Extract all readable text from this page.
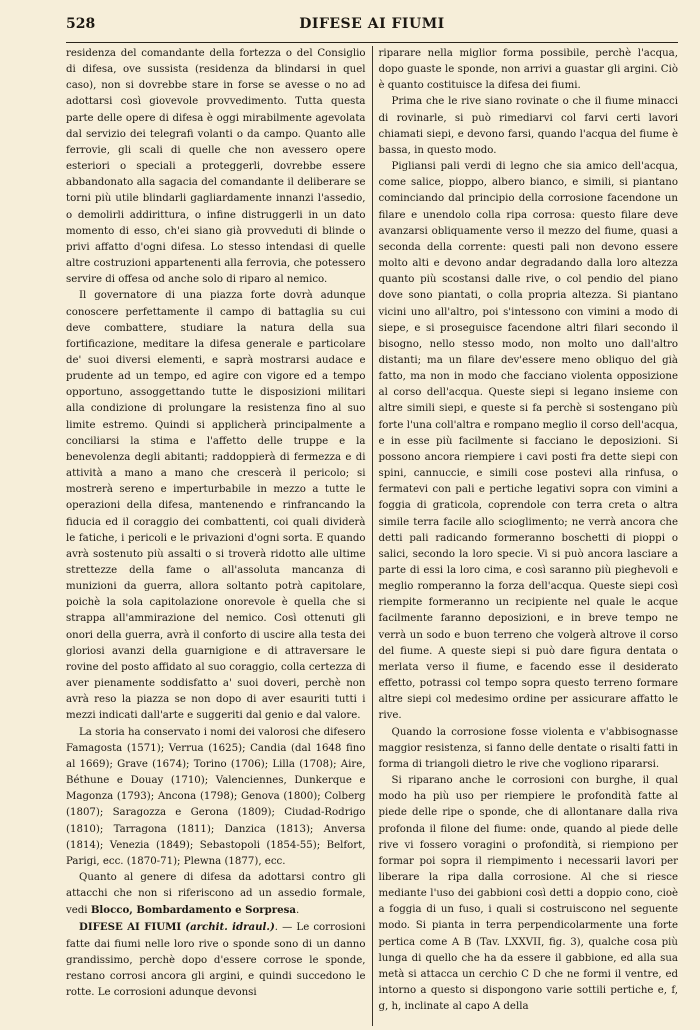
528	DIFESE AI FIUMI

residenza del comandante della fortezza o del Consiglio di difesa, ove sussista (residenza da blindarsi in quel caso), non si dovrebbe stare in forse se avesse o no ad adottarsi così giovevole provvedimento. Tutta questa parte delle opere di difesa è oggi mirabilmente agevolata dal servizio dei telegrafi volanti o da campo. Quanto alle ferrovie, gli scali di quelle che non avessero opere esteriori o speciali a proteggerli, dovrebbe essere abbandonato alla sagacia del comandante il deliberare se torni più utile blindarli gagliardamente innanzi l'assedio, o demolirli addirittura, o infine distruggerli in un dato momento di esso, ch'ei siano già provveduti di blinde o privi affatto d'ogni difesa. Lo stesso intendasi di quelle altre costruzioni appartenenti alla ferrovia, che potessero servire di offesa od anche solo di riparo al nemico.

Il governatore di una piazza forte dovrà adunque conoscere perfettamente il campo di battaglia su cui deve combattere, studiare la natura della sua fortificazione, meditare la difesa generale e particolare de' suoi diversi elementi, e saprà mostrarsi audace e prudente ad un tempo, ed agire con vigore ed a tempo opportuno, assoggettando tutte le disposizioni militari alla condizione di prolungare la resistenza fino al suo limite estremo. Quindi si applicherà principalmente a conciliarsi la stima e l'affetto delle truppe e la benevolenza degli abitanti; raddoppierà di fermezza e di attività a mano a mano che crescerà il pericolo; si mostrerà sereno e imperturbabile in mezzo a tutte le operazioni della difesa, mantenendo e rinfrancando la fiducia ed il coraggio dei combattenti, coi quali dividerà le fatiche, i pericoli e le privazioni d'ogni sorta. E quando avrà sostenuto più assalti o si troverà ridotto alle ultime strettezze della fame o all'assoluta mancanza di munizioni da guerra, allora soltanto potrà capitolare, poichè la sola capitolazione onorevole è quella che si strappa all'ammirazione del nemico. Così ottenuti gli onori della guerra, avrà il conforto di uscire alla testa dei gloriosi avanzi della guarnigione e di attraversare le rovine del posto affidato al suo coraggio, colla certezza di aver pienamente soddisfatto a' suoi doveri, perchè non avrà reso la piazza se non dopo di aver esauriti tutti i mezzi indicati dall'arte e suggeriti dal genio e dal valore.

La storia ha conservato i nomi dei valorosi che difesero Famagosta (1571); Verrua (1625); Candia (dal 1648 fino al 1669); Grave (1674); Torino (1706); Lilla (1708); Aire, Béthune e Douay (1710); Valenciennes, Dunkerque e Magonza (1793); Ancona (1798); Genova (1800); Colberg (1807); Saragozza e Gerona (1809); Ciudad-Rodrigo (1810); Tarragona (1811); Danzica (1813); Anversa (1814); Venezia (1849); Sebastopoli (1854-55); Belfort, Parigi, ecc. (1870-71); Plewna (1877), ecc.

Quanto al genere di difesa da adottarsi contro gli attacchi che non si riferiscono ad un assedio formale, vedi Blocco, Bombardamento e Sorpresa.

DIFESE AI FIUMI (archit. idraul.). — Le corrosioni fatte dai fiumi nelle loro rive o sponde sono di un danno grandissimo, perchè dopo d'essere corrose le sponde, restano corrosi ancora gli argini, e quindi succedono le rotte. Le corrosioni adunque devonsi

riparare nella miglior forma possibile, perchè l'acqua, dopo guaste le sponde, non arrivi a guastar gli argini. Ciò è quanto costituisce la difesa dei fiumi.

Prima che le rive siano rovinate o che il fiume minacci di rovinarle, si può rimediarvi col farvi certi lavori chiamati siepi, e devono farsi, quando l'acqua del fiume è bassa, in questo modo.

Pigliansi pali verdi di legno che sia amico dell'acqua, come salice, pioppo, albero bianco, e simili, si piantano cominciando dal principio della corrosione facendone un filare e unendolo colla ripa corrosa: questo filare deve avanzarsi obliquamente verso il mezzo del fiume, quasi a seconda della corrente: questi pali non devono essere molto alti e devono andar degradando dalla loro altezza quanto più scostansi dalle rive, o col pendio del piano dove sono piantati, o colla propria altezza. Si piantano vicini uno all'altro, poi s'intessono con vimini a modo di siepe, e si proseguisce facendone altri filari secondo il bisogno, nello stesso modo, non molto uno dall'altro distanti; ma un filare dev'essere meno obliquo del già fatto, ma non in modo che facciano violenta opposizione al corso dell'acqua. Queste siepi si legano insieme con altre simili siepi, e queste si fa perchè si sostengano più forte l'una coll'altra e rompano meglio il corso dell'acqua, e in esse più facilmente si facciano le deposizioni. Si possono ancora riempiere i cavi posti fra dette siepi con spini, cannuccie, e simili cose postevi alla rinfusa, o fermatevi con pali e pertiche legativi sopra con vimini a foggia di graticola, coprendole con terra creta o altra simile terra facile allo scioglimento; ne verrà ancora che detti pali radicando formeranno boschetti di pioppi o salici, secondo la loro specie. Vi si può ancora lasciare a parte di essi la loro cima, e così saranno più pieghevoli e meglio romperanno la forza dell'acqua. Queste siepi così riempite formeranno un recipiente nel quale le acque facilmente faranno deposizioni, e in breve tempo ne verrà un sodo e buon terreno che volgerà altrove il corso del fiume. A queste siepi si può dare figura dentata o merlata verso il fiume, e facendo esse il desiderato effetto, potrassi col tempo sopra questo terreno formare altre siepi col medesimo ordine per assicurare affatto le rive.

Quando la corrosione fosse violenta e v'abbisognasse maggior resistenza, si fanno delle dentate o risalti fatti in forma di triangoli dietro le rive che vogliono ripararsi.

Si riparano anche le corrosioni con burghe, il qual modo ha più uso per riempiere le profondità fatte al piede delle ripe o sponde, che di allontanare dalla riva profonda il filone del fiume: onde, quando al piede delle rive vi fossero voragini o profondità, si riempiono per formar poi sopra il riempimento i necessarii lavori per liberare la ripa dalla corrosione. Al che si riesce mediante l'uso dei gabbioni così detti a doppio cono, cioè a foggia di un fuso, i quali si costruiscono nel seguente modo. Si pianta in terra perpendicolarmente una forte pertica come A B (Tav. LXXVII, fig. 3), qualche cosa più lunga di quello che ha da essere il gabbione, ed alla sua metà si attacca un cerchio C D che ne formi il ventre, ed intorno a questo si dispongono varie sottili pertiche e, f, g, h, inclinate al capo A della
